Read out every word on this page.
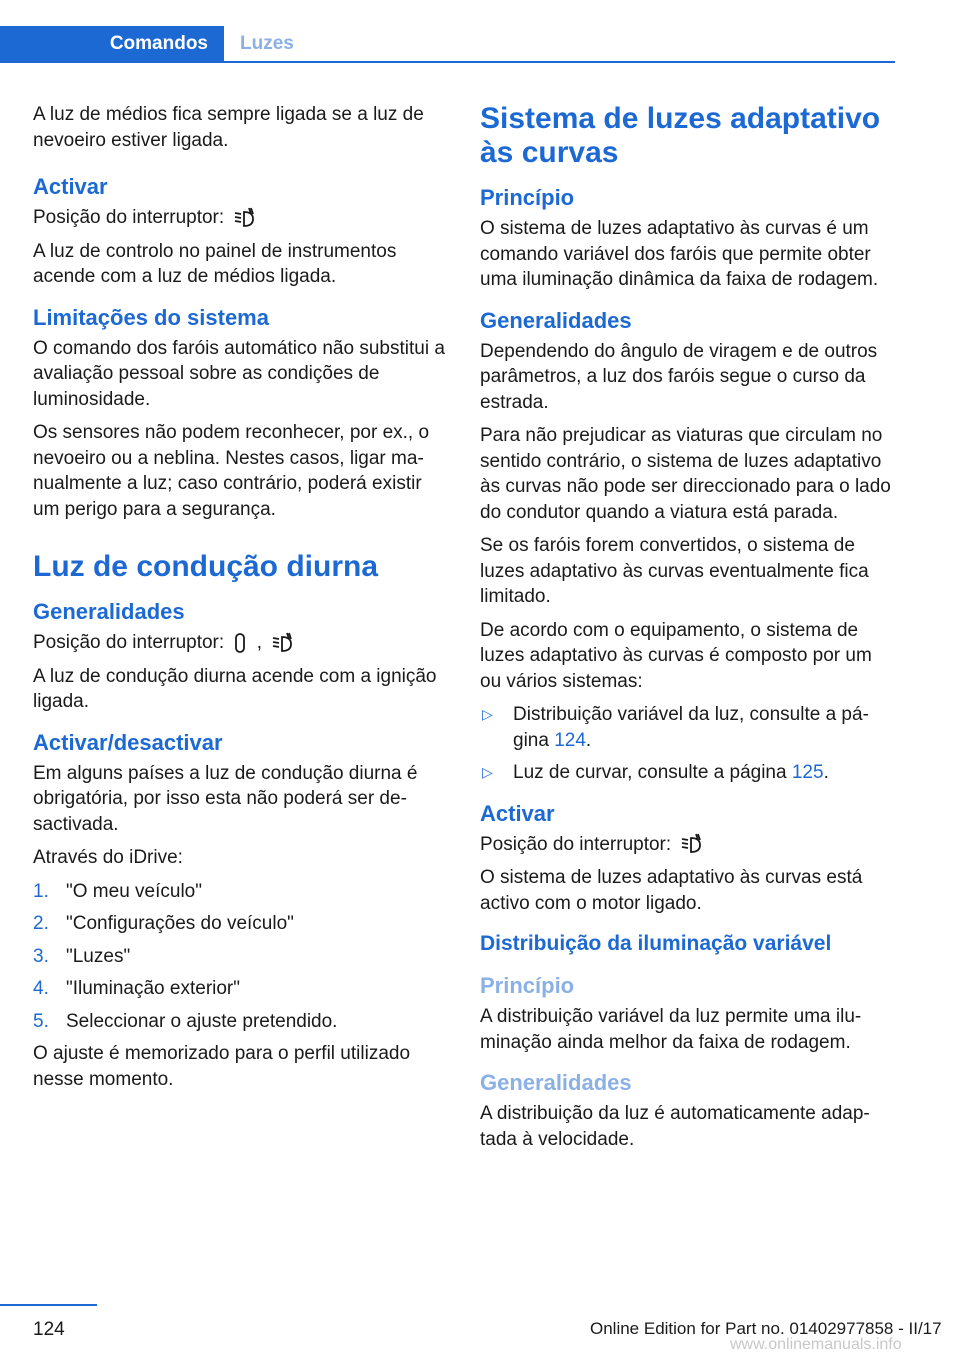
Comandos	Luzes

A luz de médios fica sempre ligada se a luz de nevoeiro estiver ligada.

Activar

Posição do interruptor:

A luz de controlo no painel de instrumentos acende com a luz de médios ligada.

Limitações do sistema

O comando dos faróis automático não substitui a avaliação pessoal sobre as condições de luminosidade.

Os sensores não podem reconhecer, por ex., o nevoeiro ou a neblina. Nestes casos, ligar manualmente a luz; caso contrário, poderá existir um perigo para a segurança.

Luz de condução diurna
Generalidades

Posição do interruptor: ,

A luz de condução diurna acende com a ignição ligada.

Activar/desactivar

Em alguns países a luz de condução diurna é obrigatória, por isso esta não poderá ser desactivada.

Através do iDrive:

1. "O meu veículo"
2. "Configurações do veículo"
3. "Luzes"
4. "Iluminação exterior"
5. Seleccionar o ajuste pretendido.

O ajuste é memorizado para o perfil utilizado nesse momento.

Sistema de luzes adaptativo às curvas
Princípio

O sistema de luzes adaptativo às curvas é um comando variável dos faróis que permite obter uma iluminação dinâmica da faixa de rodagem.

Generalidades

Dependendo do ângulo de viragem e de outros parâmetros, a luz dos faróis segue o curso da estrada.

Para não prejudicar as viaturas que circulam no sentido contrário, o sistema de luzes adaptativo às curvas não pode ser direccionado para o lado do condutor quando a viatura está parada.

Se os faróis forem convertidos, o sistema de luzes adaptativo às curvas eventualmente fica limitado.

De acordo com o equipamento, o sistema de luzes adaptativo às curvas é composto por um ou vários sistemas:

▷ Distribuição variável da luz, consulte a página 124.
▷ Luz de curvar, consulte a página 125.
Activar

Posição do interruptor:

O sistema de luzes adaptativo às curvas está activo com o motor ligado.

Distribuição da iluminação variável
Princípio

A distribuição variável da luz permite uma iluminação ainda melhor da faixa de rodagem.

Generalidades

A distribuição da luz é automaticamente adaptada à velocidade.

124	Online Edition for Part no. 01402977858 - II/17
www.onlinemanuals.info
